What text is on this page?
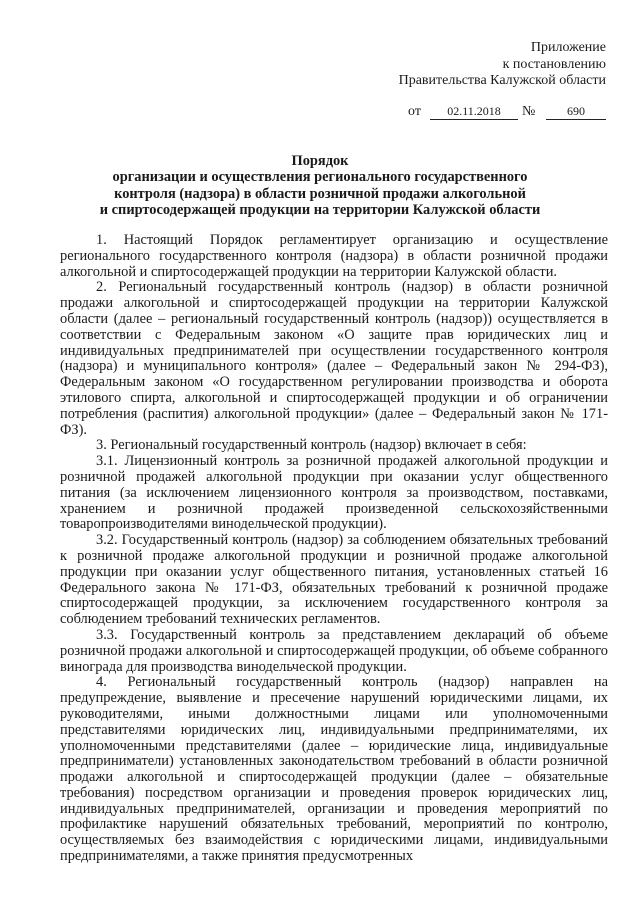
Приложение
к постановлению
Правительства Калужской области
от	02.11.2018	№	690
Порядок
организации и осуществления регионального государственного
контроля (надзора) в области розничной продажи алкогольной
и спиртосодержащей продукции на территории Калужской области

1. Настоящий Порядок регламентирует организацию и осуществление регионального государственного контроля (надзора) в области розничной продажи алкогольной и спиртосодержащей продукции на территории Калужской области.

2. Региональный государственный контроль (надзор) в области розничной продажи алкогольной и спиртосодержащей продукции на территории Калужской области (далее – региональный государственный контроль (надзор)) осуществляется в соответствии с Федеральным законом «О защите прав юридических лиц и индивидуальных предпринимателей при осуществлении государственного контроля (надзора) и муниципального контроля» (далее – Федеральный закон № 294-ФЗ), Федеральным законом «О государственном регулировании производства и оборота этилового спирта, алкогольной и спиртосодержащей продукции и об ограничении потребления (распития) алкогольной продукции» (далее – Федеральный закон № 171-ФЗ).

3. Региональный государственный контроль (надзор) включает в себя:

3.1. Лицензионный контроль за розничной продажей алкогольной продукции и розничной продажей алкогольной продукции при оказании услуг общественного питания (за исключением лицензионного контроля за производством, поставками, хранением и розничной продажей произведенной сельскохозяйственными товаропроизводителями винодельческой продукции).

3.2. Государственный контроль (надзор) за соблюдением обязательных требований к розничной продаже алкогольной продукции и розничной продаже алкогольной продукции при оказании услуг общественного питания, установленных статьей 16 Федерального закона № 171-ФЗ, обязательных требований к розничной продаже спиртосодержащей продукции, за исключением государственного контроля за соблюдением требований технических регламентов.

3.3. Государственный контроль за представлением деклараций об объеме розничной продажи алкогольной и спиртосодержащей продукции, об объеме собранного винограда для производства винодельческой продукции.

4. Региональный государственный контроль (надзор) направлен на предупреждение, выявление и пресечение нарушений юридическими лицами, их руководителями, иными должностными лицами или уполномоченными представителями юридических лиц, индивидуальными предпринимателями, их уполномоченными представителями (далее – юридические лица, индивидуальные предприниматели) установленных законодательством требований в области розничной продажи алкогольной и спиртосодержащей продукции (далее – обязательные требования) посредством организации и проведения проверок юридических лиц, индивидуальных предпринимателей, организации и проведения мероприятий по профилактике нарушений обязательных требований, мероприятий по контролю, осуществляемых без взаимодействия с юридическими лицами, индивидуальными предпринимателями, а также принятия предусмотренных
